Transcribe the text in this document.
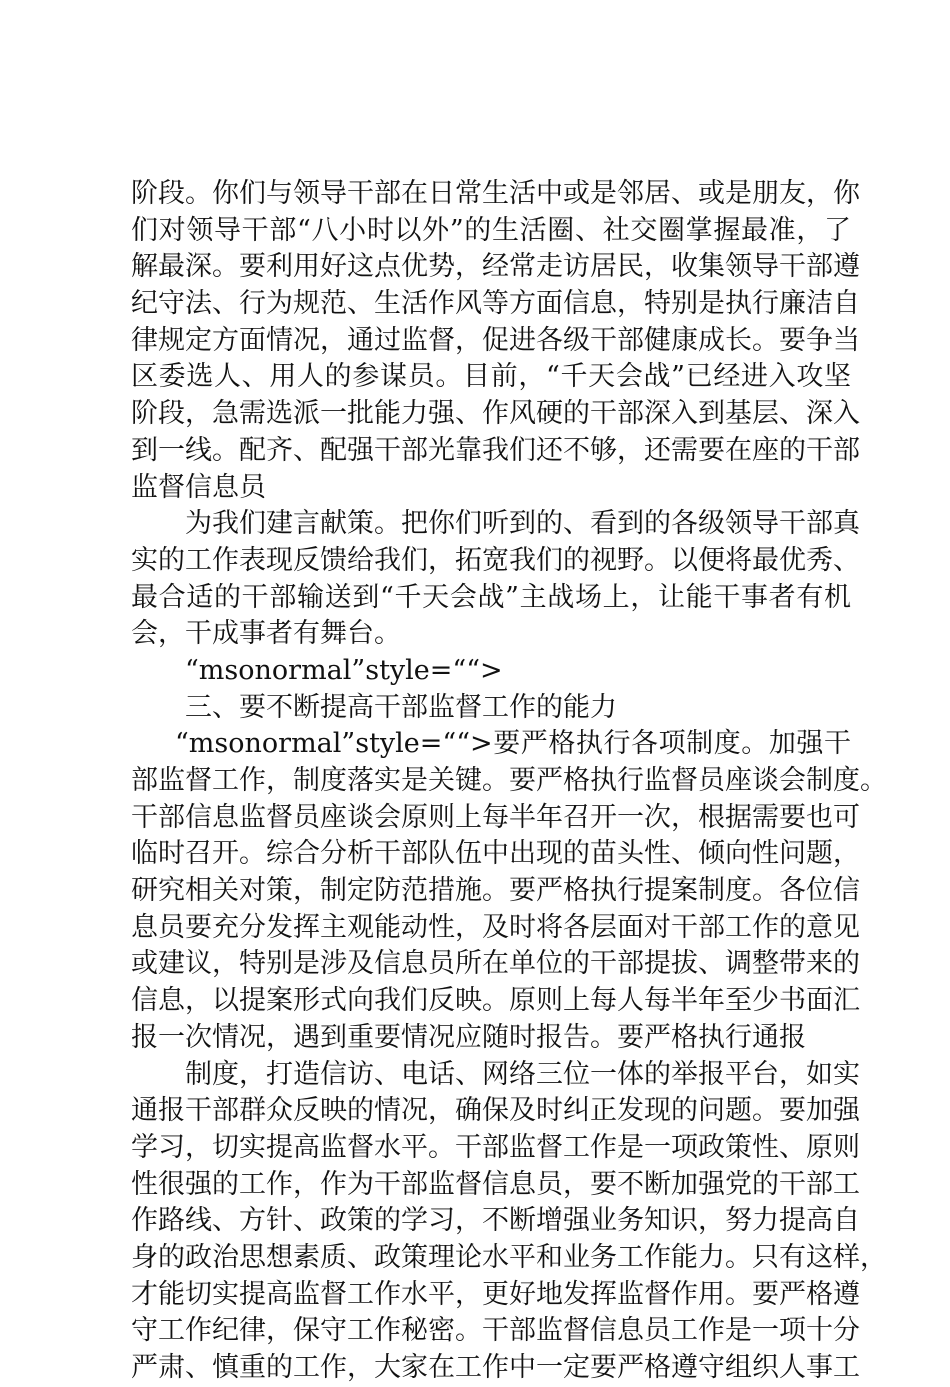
阶段。你们与领导干部在日常生活中或是邻居、或是朋友，你
们对领导干部“八小时以外”的生活圈、社交圈掌握最准，了
解最深。要利用好这点优势，经常走访居民，收集领导干部遵
纪守法、行为规范、生活作风等方面信息，特别是执行廉洁自
律规定方面情况，通过监督，促进各级干部健康成长。要争当
区委选人、用人的参谋员。目前，“千天会战”已经进入攻坚
阶段，急需选派一批能力强、作风硬的干部深入到基层、深入
到一线。配齐、配强干部光靠我们还不够，还需要在座的干部
监督信息员
为我们建言献策。把你们听到的、看到的各级领导干部真
实的工作表现反馈给我们，拓宽我们的视野。以便将最优秀、
最合适的干部输送到“千天会战”主战场上，让能干事者有机
会，干成事者有舞台。
“msonormal”style=““>
三、要不断提高干部监督工作的能力
“msonormal”style=““>要严格执行各项制度。加强干
部监督工作，制度落实是关键。要严格执行监督员座谈会制度。
干部信息监督员座谈会原则上每半年召开一次，根据需要也可
临时召开。综合分析干部队伍中出现的苗头性、倾向性问题，
研究相关对策，制定防范措施。要严格执行提案制度。各位信
息员要充分发挥主观能动性，及时将各层面对干部工作的意见
或建议，特别是涉及信息员所在单位的干部提拔、调整带来的
信息，以提案形式向我们反映。原则上每人每半年至少书面汇
报一次情况，遇到重要情况应随时报告。要严格执行通报
制度，打造信访、电话、网络三位一体的举报平台，如实
通报干部群众反映的情况，确保及时纠正发现的问题。要加强
学习，切实提高监督水平。干部监督工作是一项政策性、原则
性很强的工作，作为干部监督信息员，要不断加强党的干部工
作路线、方针、政策的学习，不断增强业务知识，努力提高自
身的政治思想素质、政策理论水平和业务工作能力。只有这样，
才能切实提高监督工作水平，更好地发挥监督作用。要严格遵
守工作纪律，保守工作秘密。干部监督信息员工作是一项十分
严肃、慎重的工作，大家在工作中一定要严格遵守组织人事工
